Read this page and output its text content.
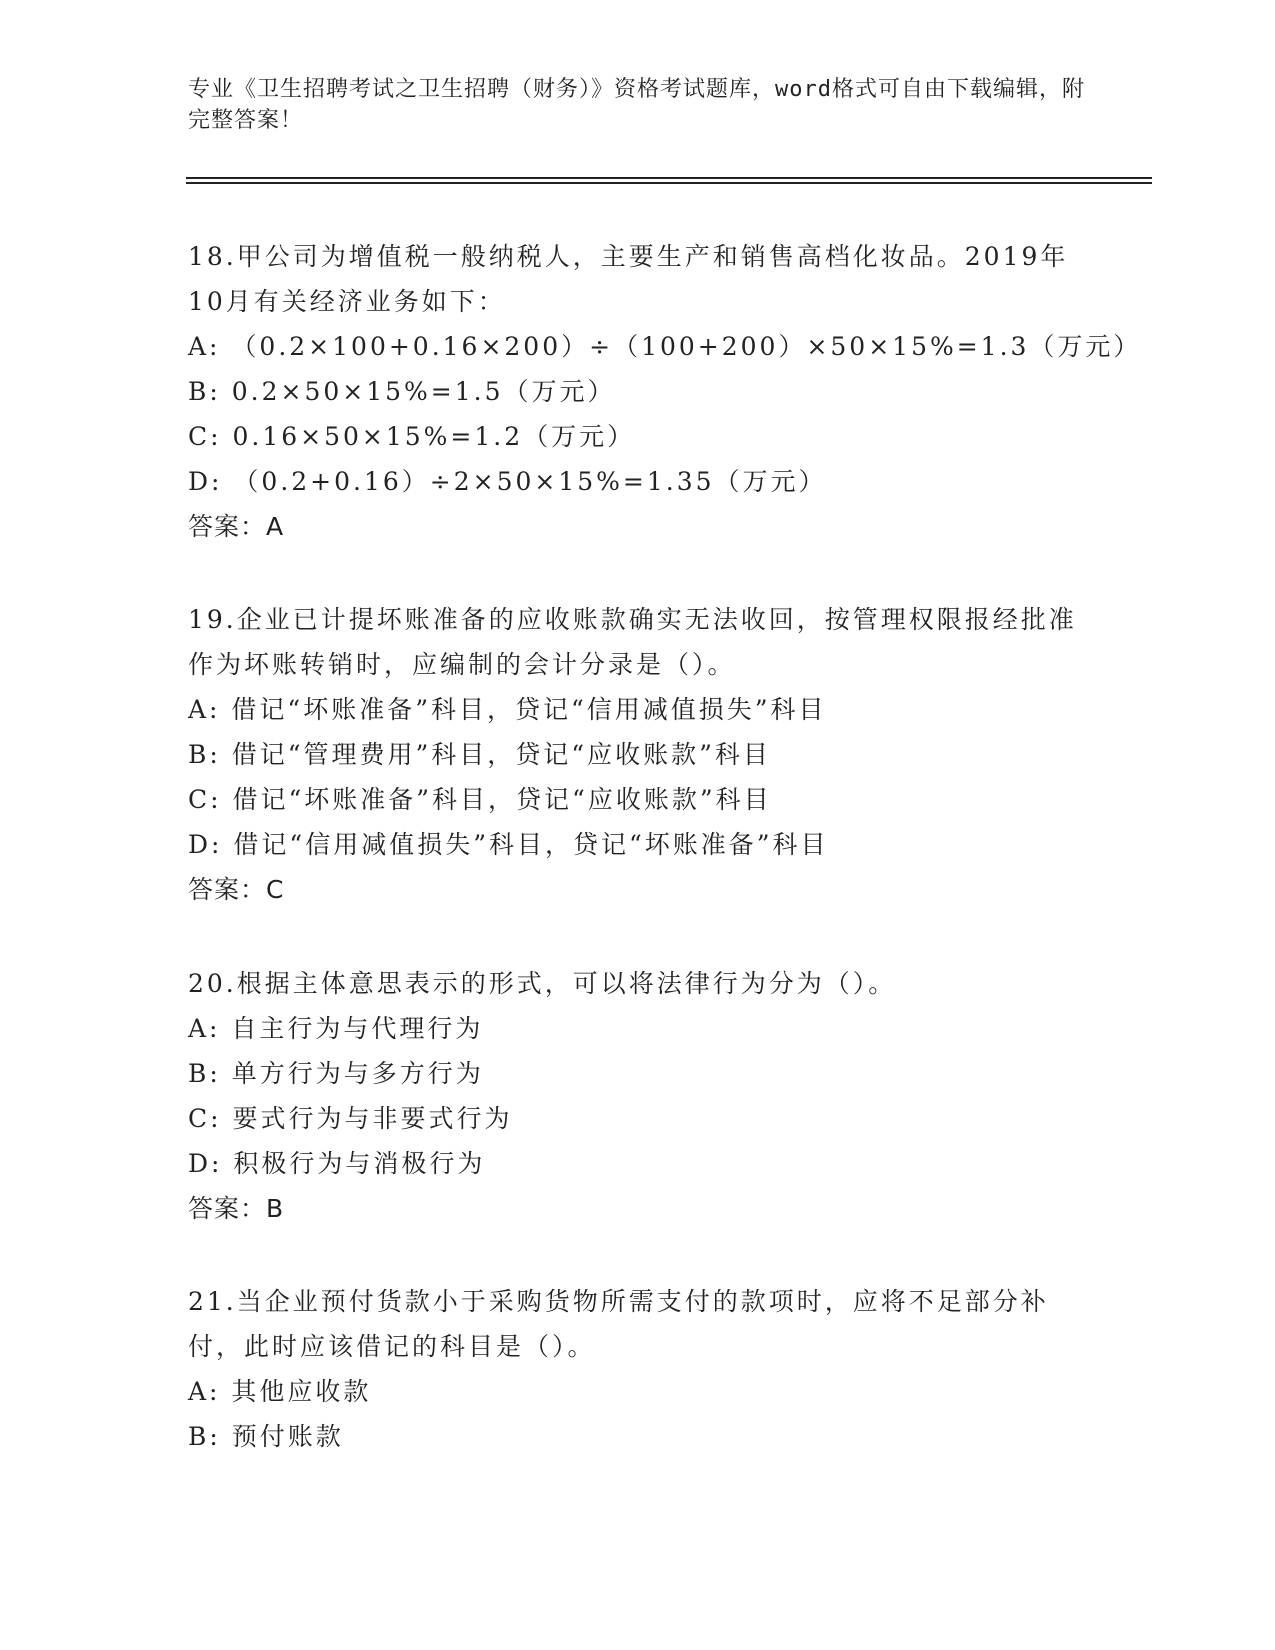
专业《卫生招聘考试之卫生招聘（财务）》资格考试题库，word格式可自由下载编辑，附完整答案！
18.甲公司为增值税一般纳税人，主要生产和销售高档化妆品。2019年10月有关经济业务如下：
A: （0.2×100+0.16×200）÷（100+200）×50×15%=1.3（万元）
B: 0.2×50×15%=1.5（万元）
C: 0.16×50×15%=1.2（万元）
D: （0.2+0.16）÷2×50×15%=1.35（万元）
答案：A
19.企业已计提坏账准备的应收账款确实无法收回，按管理权限报经批准作为坏账转销时，应编制的会计分录是（）。
A: 借记“坏账准备”科目，贷记“信用减值损失”科目
B: 借记“管理费用”科目，贷记“应收账款”科目
C: 借记“坏账准备”科目，贷记“应收账款”科目
D: 借记“信用减值损失”科目，贷记“坏账准备”科目
答案：C
20.根据主体意思表示的形式，可以将法律行为分为（）。
A: 自主行为与代理行为
B: 单方行为与多方行为
C: 要式行为与非要式行为
D: 积极行为与消极行为
答案：B
21.当企业预付货款小于采购货物所需支付的款项时，应将不足部分补付，此时应该借记的科目是（）。
A: 其他应收款
B: 预付账款
